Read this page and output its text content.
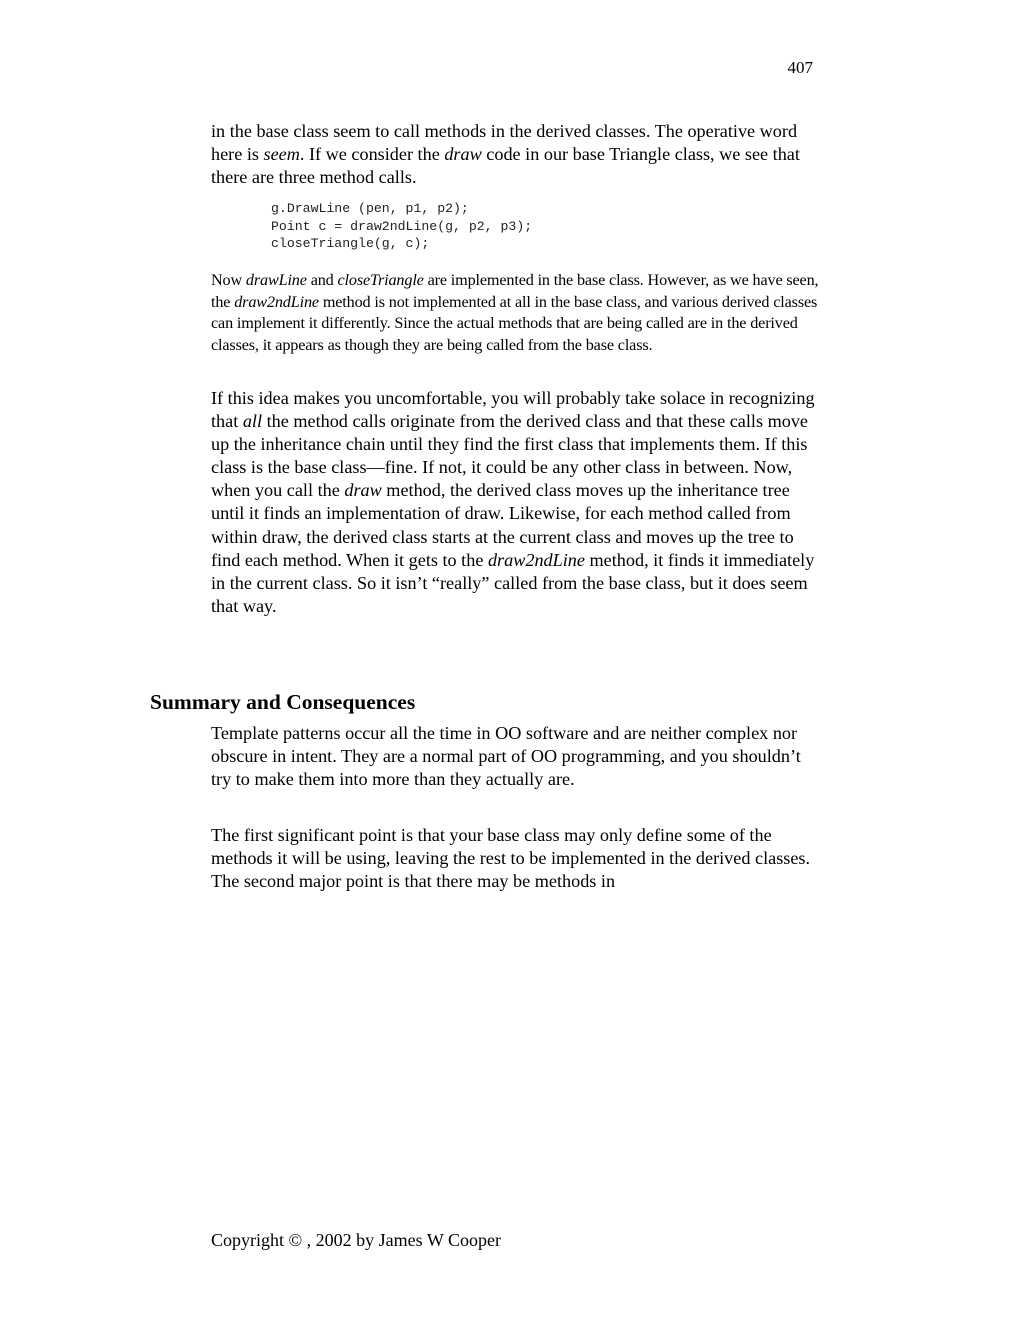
407

in the base class seem to call methods in the derived classes. The operative word here is seem. If we consider the draw code in our base Triangle class, we see that there are three method calls.

g.DrawLine (pen, p1, p2);
Point c = draw2ndLine(g, p2, p3);
closeTriangle(g, c);

Now drawLine and closeTriangle are implemented in the base class. However, as we have seen, the draw2ndLine method is not implemented at all in the base class, and various derived classes can implement it differently. Since the actual methods that are being called are in the derived classes, it appears as though they are being called from the base class.

If this idea makes you uncomfortable, you will probably take solace in recognizing that all the method calls originate from the derived class and that these calls move up the inheritance chain until they find the first class that implements them. If this class is the base class—fine. If not, it could be any other class in between. Now, when you call the draw method, the derived class moves up the inheritance tree until it finds an implementation of draw. Likewise, for each method called from within draw, the derived class starts at the current class and moves up the tree to find each method. When it gets to the draw2ndLine method, it finds it immediately in the current class. So it isn’t “really” called from the base class, but it does seem that way.

Summary and Consequences

Template patterns occur all the time in OO software and are neither complex nor obscure in intent. They are a normal part of OO programming, and you shouldn’t try to make them into more than they actually are.

The first significant point is that your base class may only define some of the methods it will be using, leaving the rest to be implemented in the derived classes. The second major point is that there may be methods in

Copyright © , 2002 by James W Cooper
